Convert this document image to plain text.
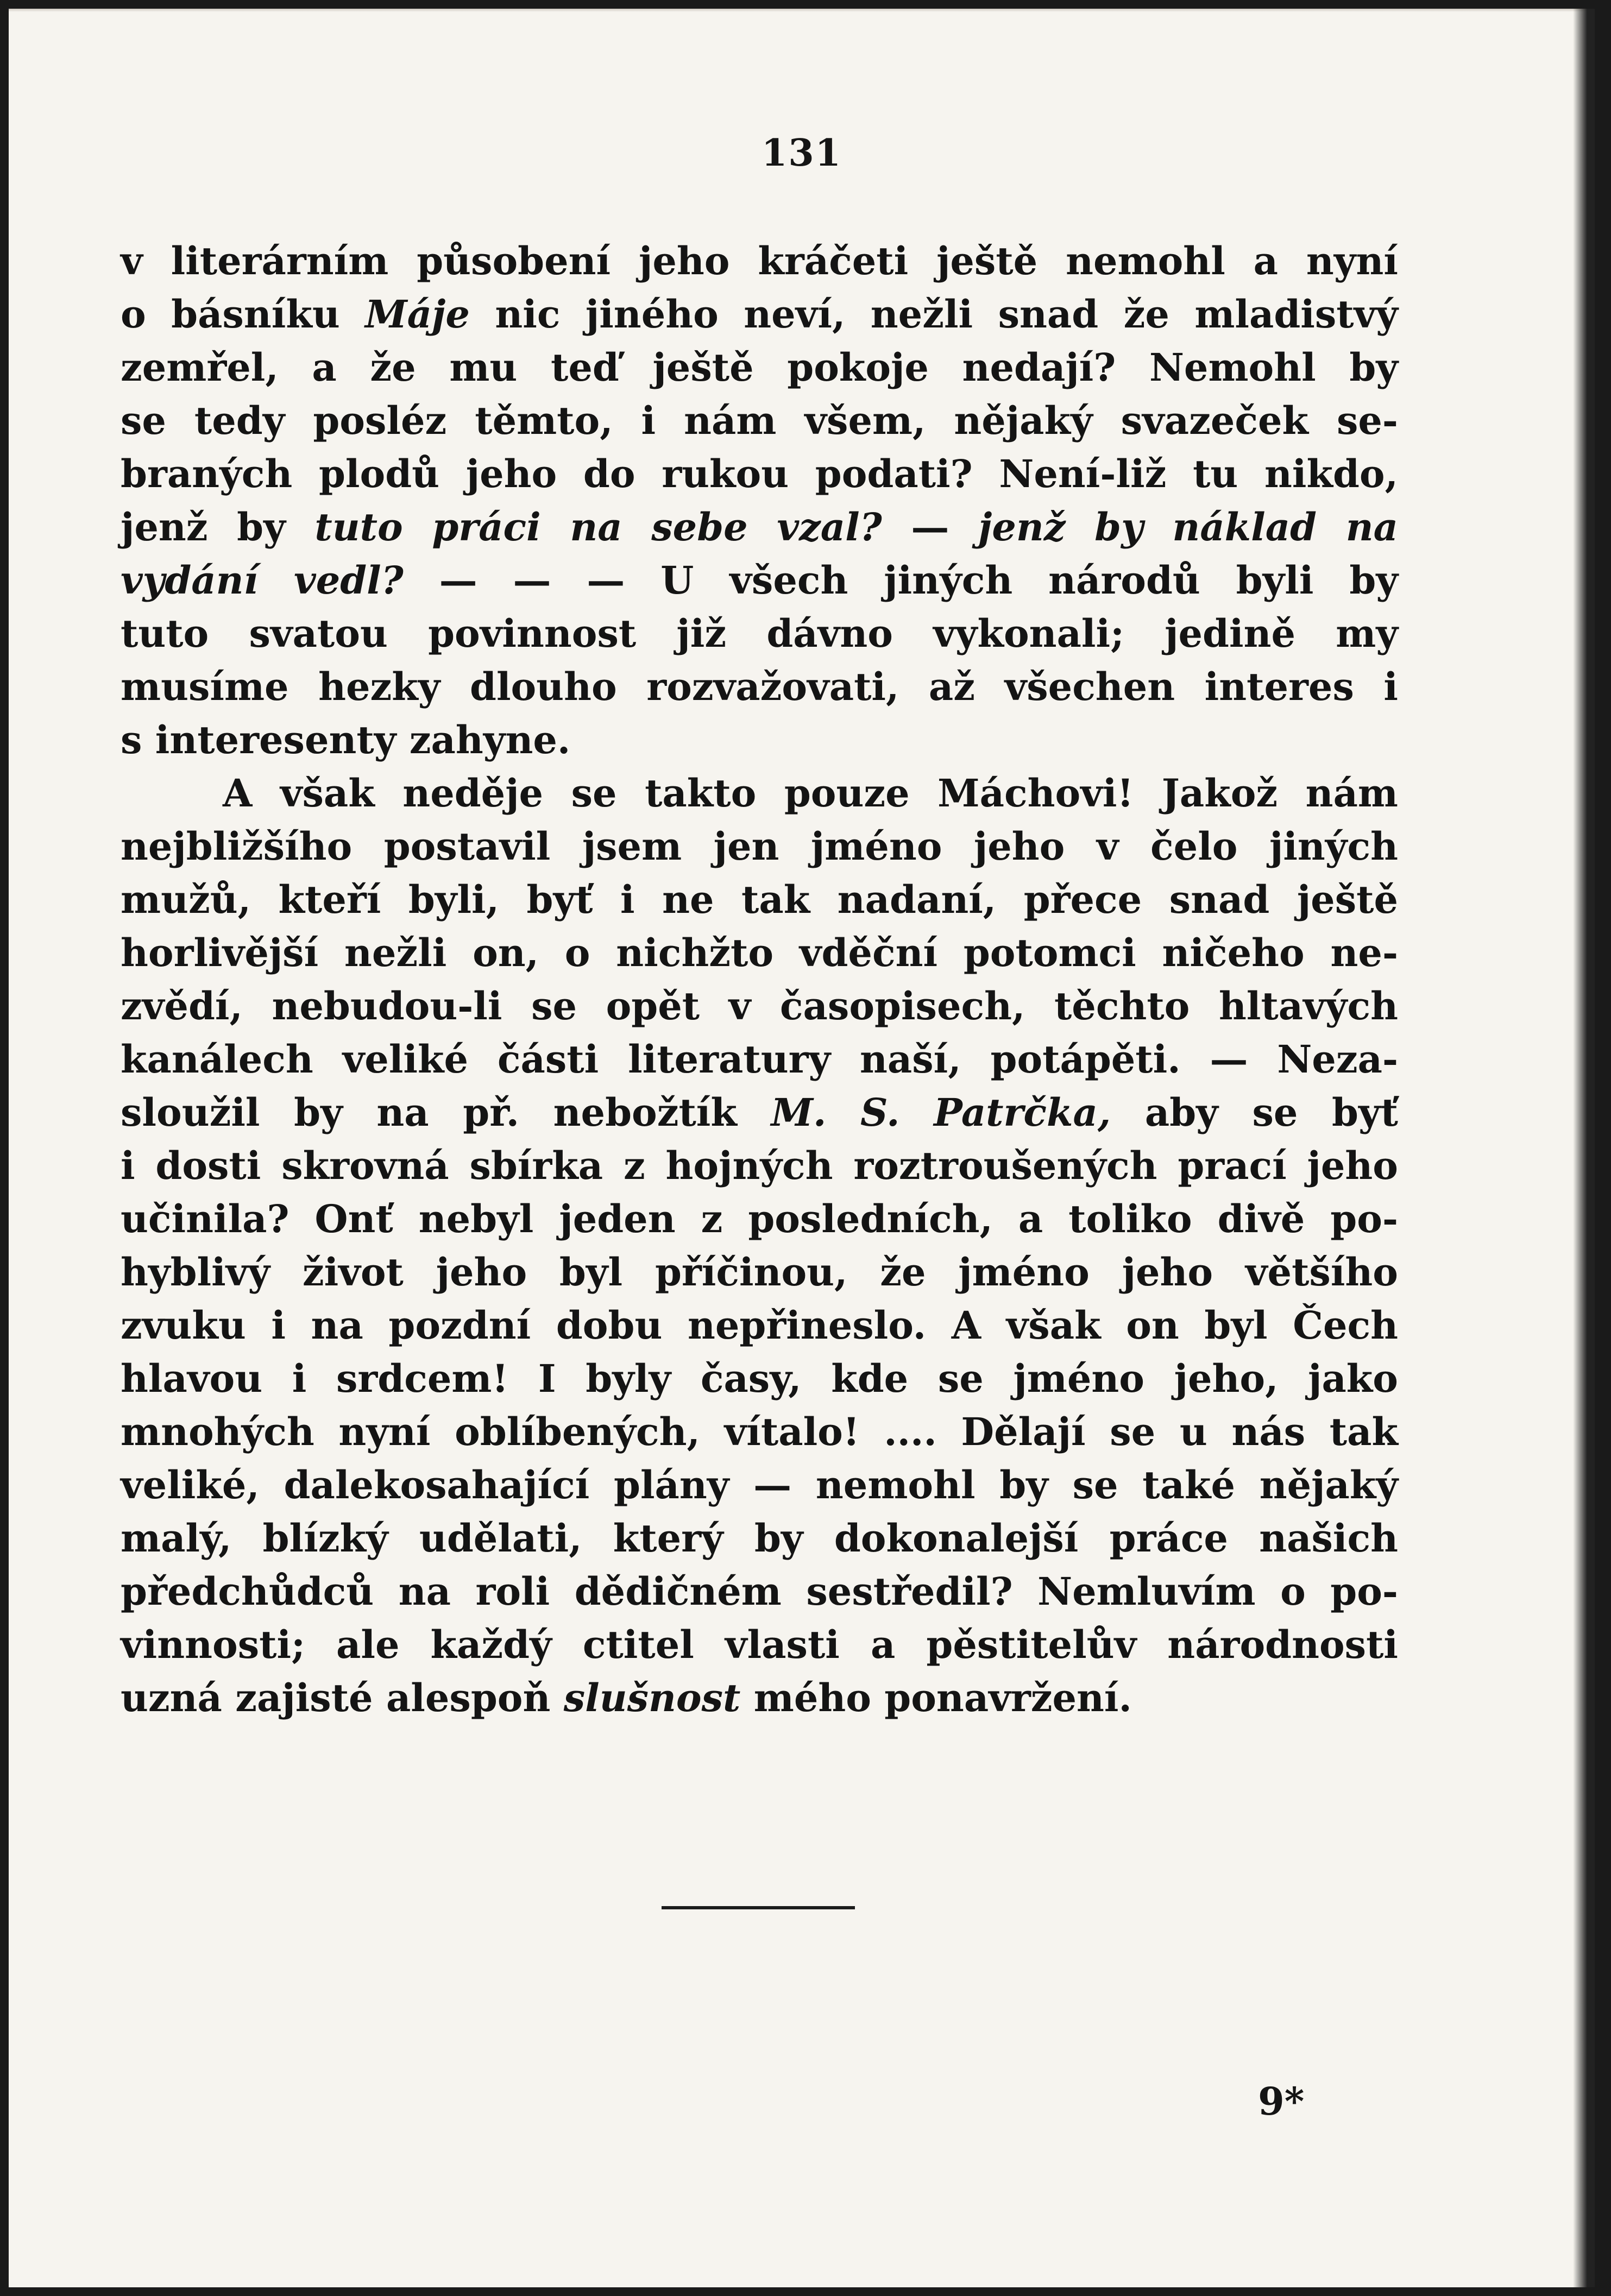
131
v literárním působení jeho kráčeti ještě nemohl a nyní
o básníku Máje nic jiného neví, nežli snad že mladistvý
zemřel, a že mu teď ještě pokoje nedají? Nemohl by
se tedy posléz těmto, i nám všem, nějaký svazeček se-
braných plodů jeho do rukou podati? Není-liž tu nikdo,
jenž by tuto práci na sebe vzal? — jenž by náklad na
vydání vedl? — — — U všech jiných národů byli by
tuto svatou povinnost již dávno vykonali; jedině my
musíme hezky dlouho rozvažovati, až všechen interes i
s interesenty zahyne.
A však neděje se takto pouze Máchovi! Jakož nám
nejbližšího postavil jsem jen jméno jeho v čelo jiných
mužů, kteří byli, byť i ne tak nadaní, přece snad ještě
horlivější nežli on, o nichžto vděční potomci ničeho ne-
zvědí, nebudou-li se opět v časopisech, těchto hltavých
kanálech veliké části literatury naší, potápěti. — Neza-
sloužil by na př. nebožtík M. S. Patrčka, aby se byť
i dosti skrovná sbírka z hojných roztroušených prací jeho
učinila? Onť nebyl jeden z posledních, a toliko divě po-
hyblivý život jeho byl příčinou, že jméno jeho většího
zvuku i na pozdní dobu nepřineslo. A však on byl Čech
hlavou i srdcem! I byly časy, kde se jméno jeho, jako
mnohých nyní oblíbených, vítalo! .... Dělají se u nás tak
veliké, dalekosahající plány — nemohl by se také nějaký
malý, blízký udělati, který by dokonalejší práce našich
předchůdců na roli dědičném sestředil? Nemluvím o po-
vinnosti; ale každý ctitel vlasti a pěstitelův národnosti
uzná zajisté alespoň slušnost mého ponavržení.
9*
